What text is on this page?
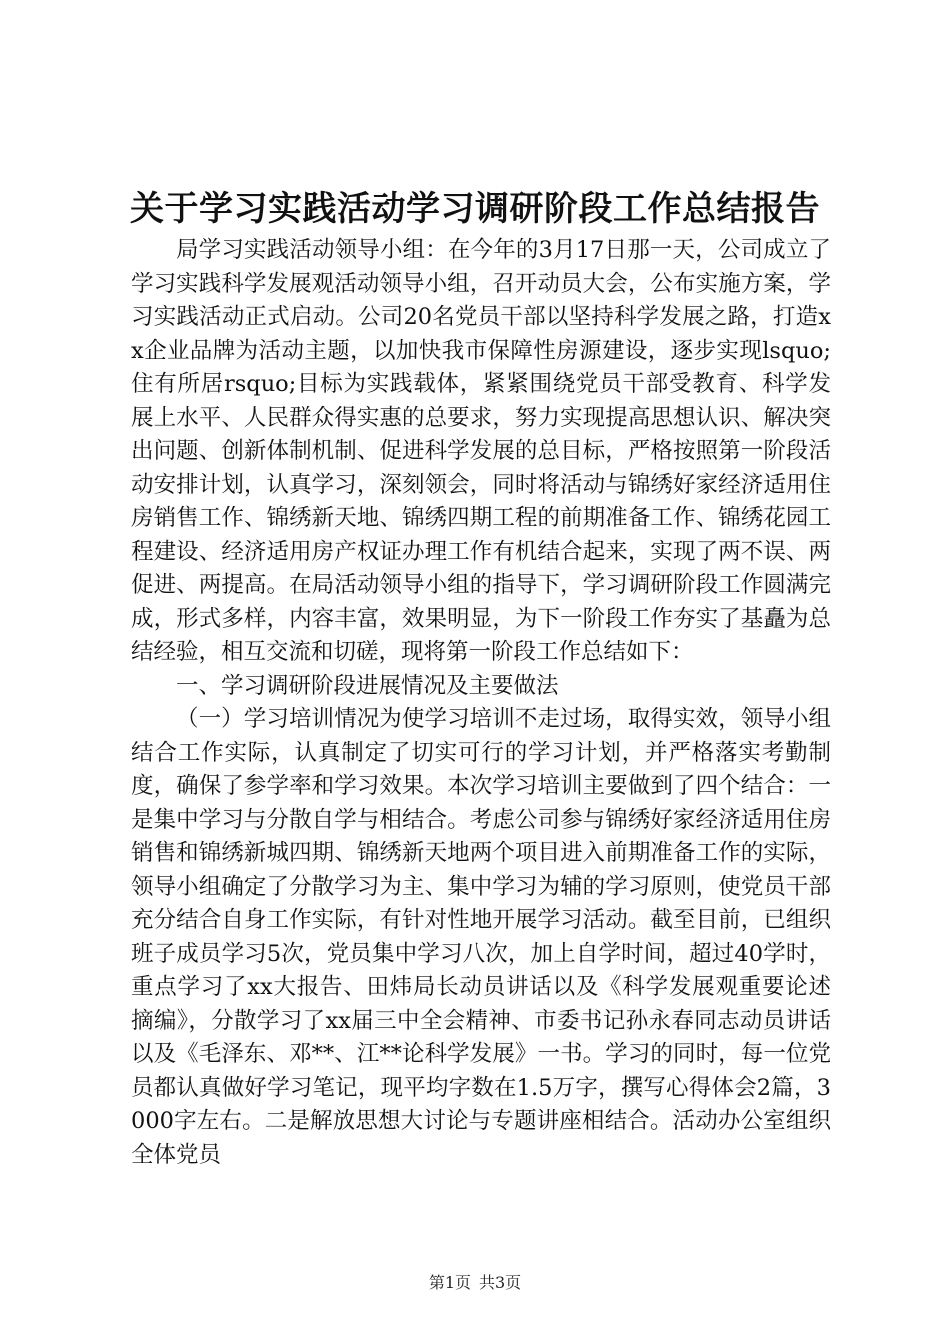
关于学习实践活动学习调研阶段工作总结报告

局学习实践活动领导小组：在今年的3月17日那一天，公司成立了学习实践科学发展观活动领导小组，召开动员大会，公布实施方案，学习实践活动正式启动。公司20名党员干部以坚持科学发展之路，打造xx企业品牌为活动主题，以加快我市保障性房源建设，逐步实现lsquo;住有所居rsquo;目标为实践载体，紧紧围绕党员干部受教育、科学发展上水平、人民群众得实惠的总要求，努力实现提高思想认识、解决突出问题、创新体制机制、促进科学发展的总目标，严格按照第一阶段活动安排计划，认真学习，深刻领会，同时将活动与锦绣好家经济适用住房销售工作、锦绣新天地、锦绣四期工程的前期准备工作、锦绣花园工程建设、经济适用房产权证办理工作有机结合起来，实现了两不误、两促进、两提高。在局活动领导小组的指导下，学习调研阶段工作圆满完成，形式多样，内容丰富，效果明显，为下一阶段工作夯实了基矗为总结经验，相互交流和切磋，现将第一阶段工作总结如下：

一、学习调研阶段进展情况及主要做法

（一）学习培训情况为使学习培训不走过场，取得实效，领导小组结合工作实际，认真制定了切实可行的学习计划，并严格落实考勤制度，确保了参学率和学习效果。本次学习培训主要做到了四个结合：一是集中学习与分散自学与相结合。考虑公司参与锦绣好家经济适用住房销售和锦绣新城四期、锦绣新天地两个项目进入前期准备工作的实际，领导小组确定了分散学习为主、集中学习为辅的学习原则，使党员干部充分结合自身工作实际，有针对性地开展学习活动。截至目前，已组织班子成员学习5次，党员集中学习八次，加上自学时间，超过40学时，重点学习了xx大报告、田炜局长动员讲话以及《科学发展观重要论述摘编》，分散学习了xx届三中全会精神、市委书记孙永春同志动员讲话以及《毛泽东、邓**、江**论科学发展》一书。学习的同时，每一位党员都认真做好学习笔记，现平均字数在1.5万字，撰写心得体会2篇，3000字左右。二是解放思想大讨论与专题讲座相结合。活动办公室组织全体党员

第1页 共3页
